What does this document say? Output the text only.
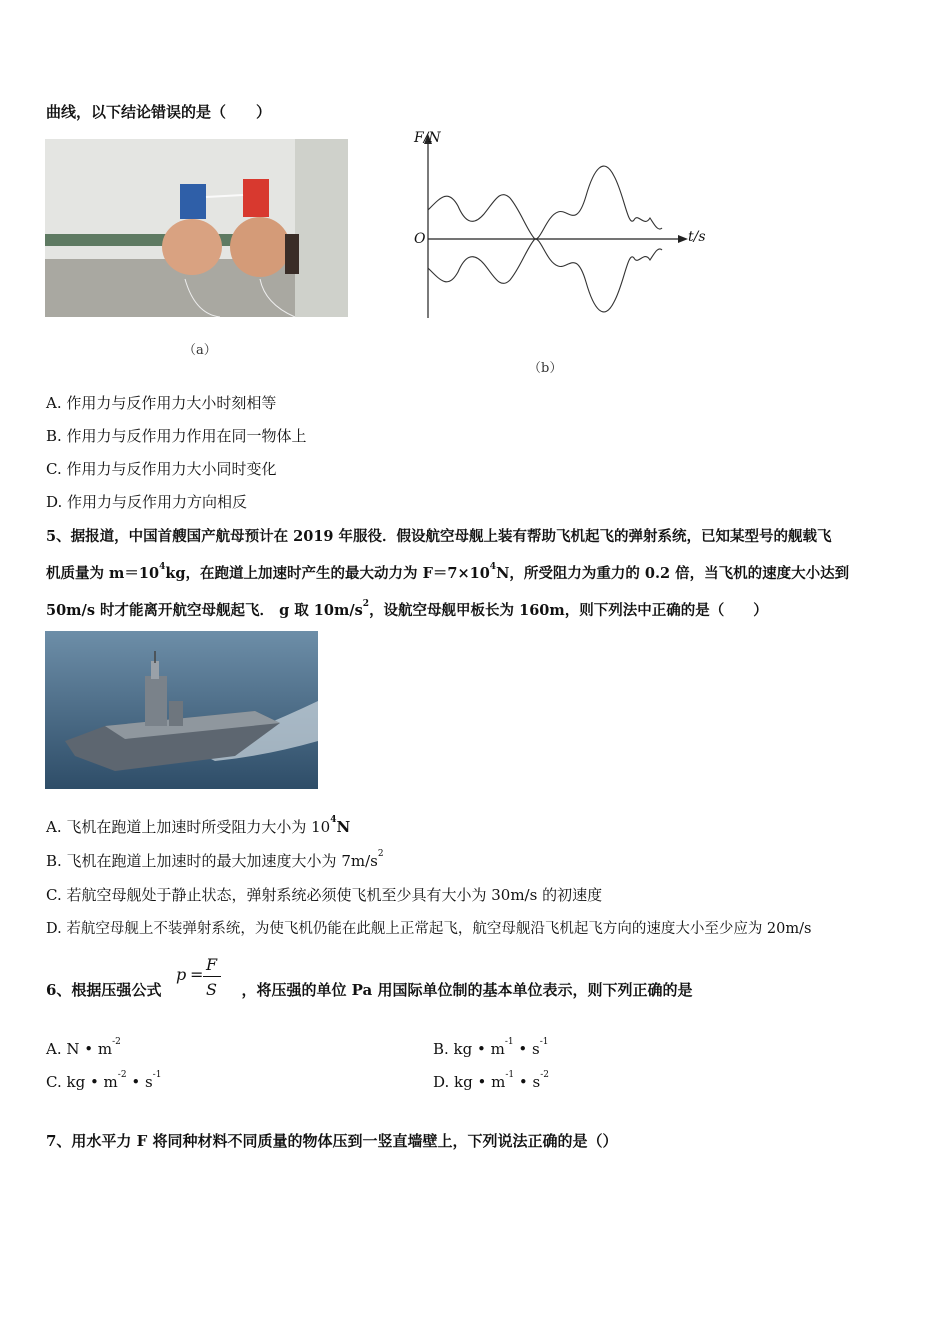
曲线，以下结论错误的是（　　）
（a）
F/N
t/s
O
（b）
A. 作用力与反作用力大小时刻相等
B. 作用力与反作用力作用在同一物体上
C. 作用力与反作用力大小同时变化
D. 作用力与反作用力方向相反
5、据报道，中国首艘国产航母预计在 2019 年服役．假设航空母舰上装有帮助飞机起飞的弹射系统，已知某型号的舰载飞
机质量为 $m=10^4kg$，在跑道上加速时产生的最大动力为 $F=7\times 10^4N$，所受阻力为重力的 0.2 倍，当飞机的速度大小达到
50m/s 时才能离开航空母舰起飞． g 取 $10m/s^2$，设航空母舰甲板长为 160m，则下列法中正确的是（　　）
A. 飞机在跑道上加速时所受阻力大小为 $10^4N$
B. 飞机在跑道上加速时的最大加速度大小为 $7m/s^2$
C. 若航空母舰处于静止状态，弹射系统必须使飞机至少具有大小为 30m/s 的初速度
D. 若航空母舰上不装弹射系统，为使飞机仍能在此舰上正常起飞，航空母舰沿飞机起飞方向的速度大小至少应为 20m/s
6、根据压强公式	，将压强的单位 Pa 用国际单位制的基本单位表示，则下列正确的是
p =
F
S
A. N • $m^{-2}$	B. kg • $m^{-1}$ • $s^{-1}$
C. kg • $m^{-2}$ • $s^{-1}$	D. kg • $m^{-1}$ • $s^{-2}$
7、用水平力 F 将同种材料不同质量的物体压到一竖直墙壁上，下列说法正确的是（）
